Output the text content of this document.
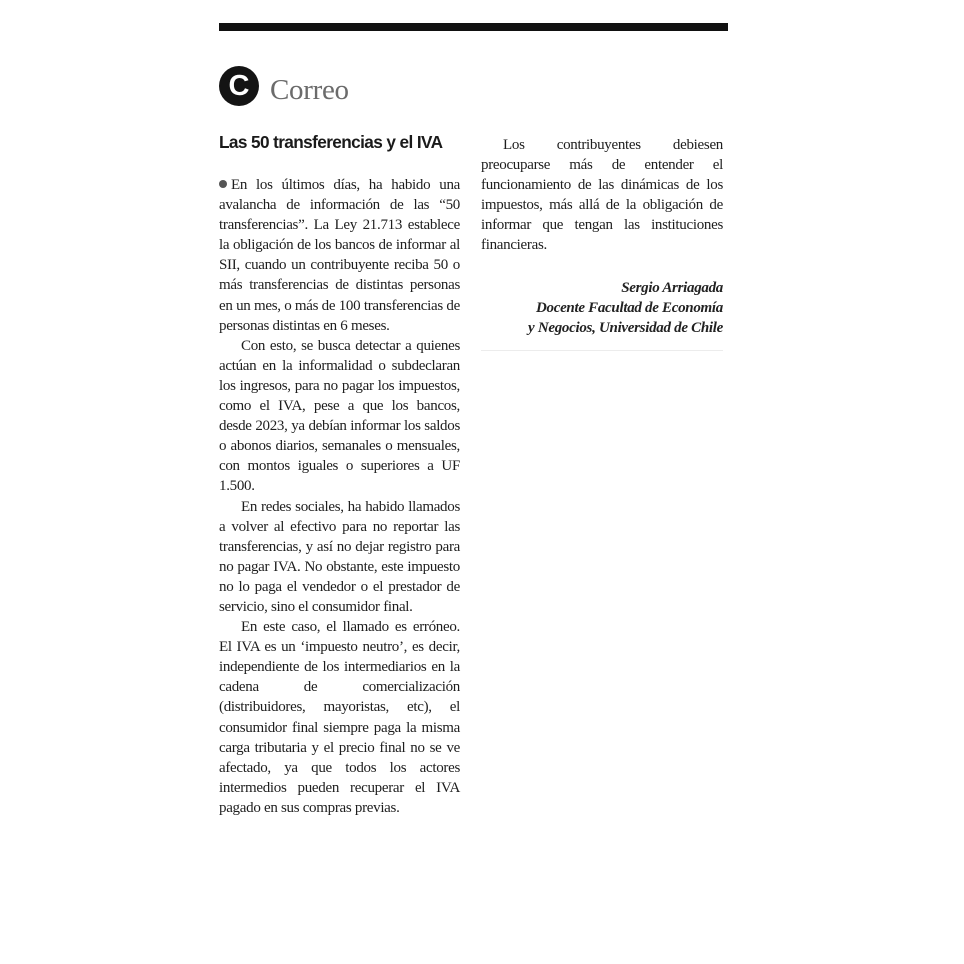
C Correo
Las 50 transferencias y el IVA

En los últimos días, ha habido una avalancha de información de las “50 transferencias”. La Ley 21.713 establece la obligación de los bancos de informar al SII, cuando un contribuyente reciba 50 o más transferencias de distintas personas en un mes, o más de 100 transferencias de personas distintas en 6 meses.

Con esto, se busca detectar a quienes actúan en la informalidad o subdeclaran los ingresos, para no pagar los impuestos, como el IVA, pese a que los bancos, desde 2023, ya debían informar los saldos o abonos diarios, semanales o mensuales, con montos iguales o superiores a UF 1.500.

En redes sociales, ha habido llamados a volver al efectivo para no reportar las transferencias, y así no dejar registro para no pagar IVA. No obstante, este impuesto no lo paga el vendedor o el prestador de servicio, sino el consumidor final.

En este caso, el llamado es erróneo. El IVA es un ‘impuesto neutro’, es decir, independiente de los intermediarios en la cadena de comercialización (distribuidores, mayoristas, etc), el consumidor final siempre paga la misma carga tributaria y el precio final no se ve afectado, ya que todos los actores intermedios pueden recuperar el IVA pagado en sus compras previas.

Los contribuyentes debiesen preocuparse más de entender el funcionamiento de las dinámicas de los impuestos, más allá de la obligación de informar que tengan las instituciones financieras.

Sergio Arriagada
Docente Facultad de Economía
y Negocios, Universidad de Chile
